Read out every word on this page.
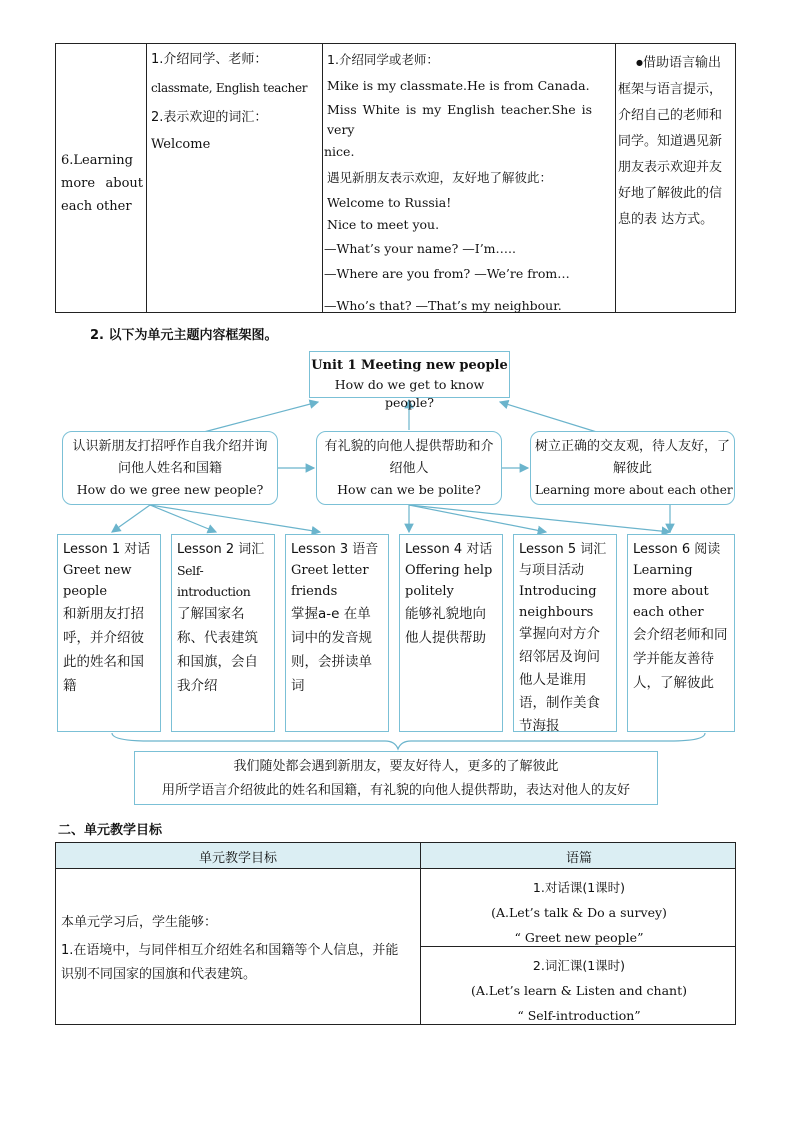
6.Learning more about each other
1.介绍同学、老师：
classmate, English teacher
2.表示欢迎的词汇：
Welcome
1.介绍同学或老师：
Mike is my classmate.He is from Canada.
Miss White is my English teacher.She is very
nice.
遇见新朋友表示欢迎，友好地了解彼此：
Welcome to Russia!
Nice to meet you.
—What’s your name? —I’m…..
—Where are you from? —We’re from…
—Who’s that? —That’s my neighbour.
●借助语言输出框架与语言提示，介绍自己的老师和同学。知道遇见新朋友表示欢迎并友好地了解彼此的信息的表 达方式。
2. 以下为单元主题内容框架图。
Unit 1 Meeting new people
How do we get to know people?
认识新朋友打招呼作自我介绍并询问他人姓名和国籍
How do we gree new people?
有礼貌的向他人提供帮助和介绍他人
How can we be polite?
树立正确的交友观，待人友好，了解彼此
Learning more about each other
Lesson 1 对话
Greet new people
和新朋友打招呼，并介绍彼此的姓名和国籍
Lesson 2 词汇
Self-introduction
了解国家名称、代表建筑和国旗，会自我介绍
Lesson 3 语音
Greet letter friends
掌握a-e 在单词中的发音规则，会拼读单词
Lesson 4 对话
Offering help politely
能够礼貌地向他人提供帮助
Lesson 5 词汇与项目活动
Introducing neighbours
掌握向对方介绍邻居及询问他人是谁用语，制作美食节海报
Lesson 6 阅读
Learning more about each other
会介绍老师和同学并能友善待人，了解彼此
我们随处都会遇到新朋友，要友好待人，更多的了解彼此
用所学语言介绍彼此的姓名和国籍，有礼貌的向他人提供帮助，表达对他人的友好
二、单元教学目标
单元教学目标	语篇
本单元学习后，学生能够：
1.在语境中，与同伴相互介绍姓名和国籍等个人信息，并能识别不同国家的国旗和代表建筑。
1.对话课(1课时)
(A.Let’s talk & Do a survey)
“ Greet new people”
2.词汇课(1课时)
(A.Let’s learn & Listen and chant)
“ Self-introduction”
